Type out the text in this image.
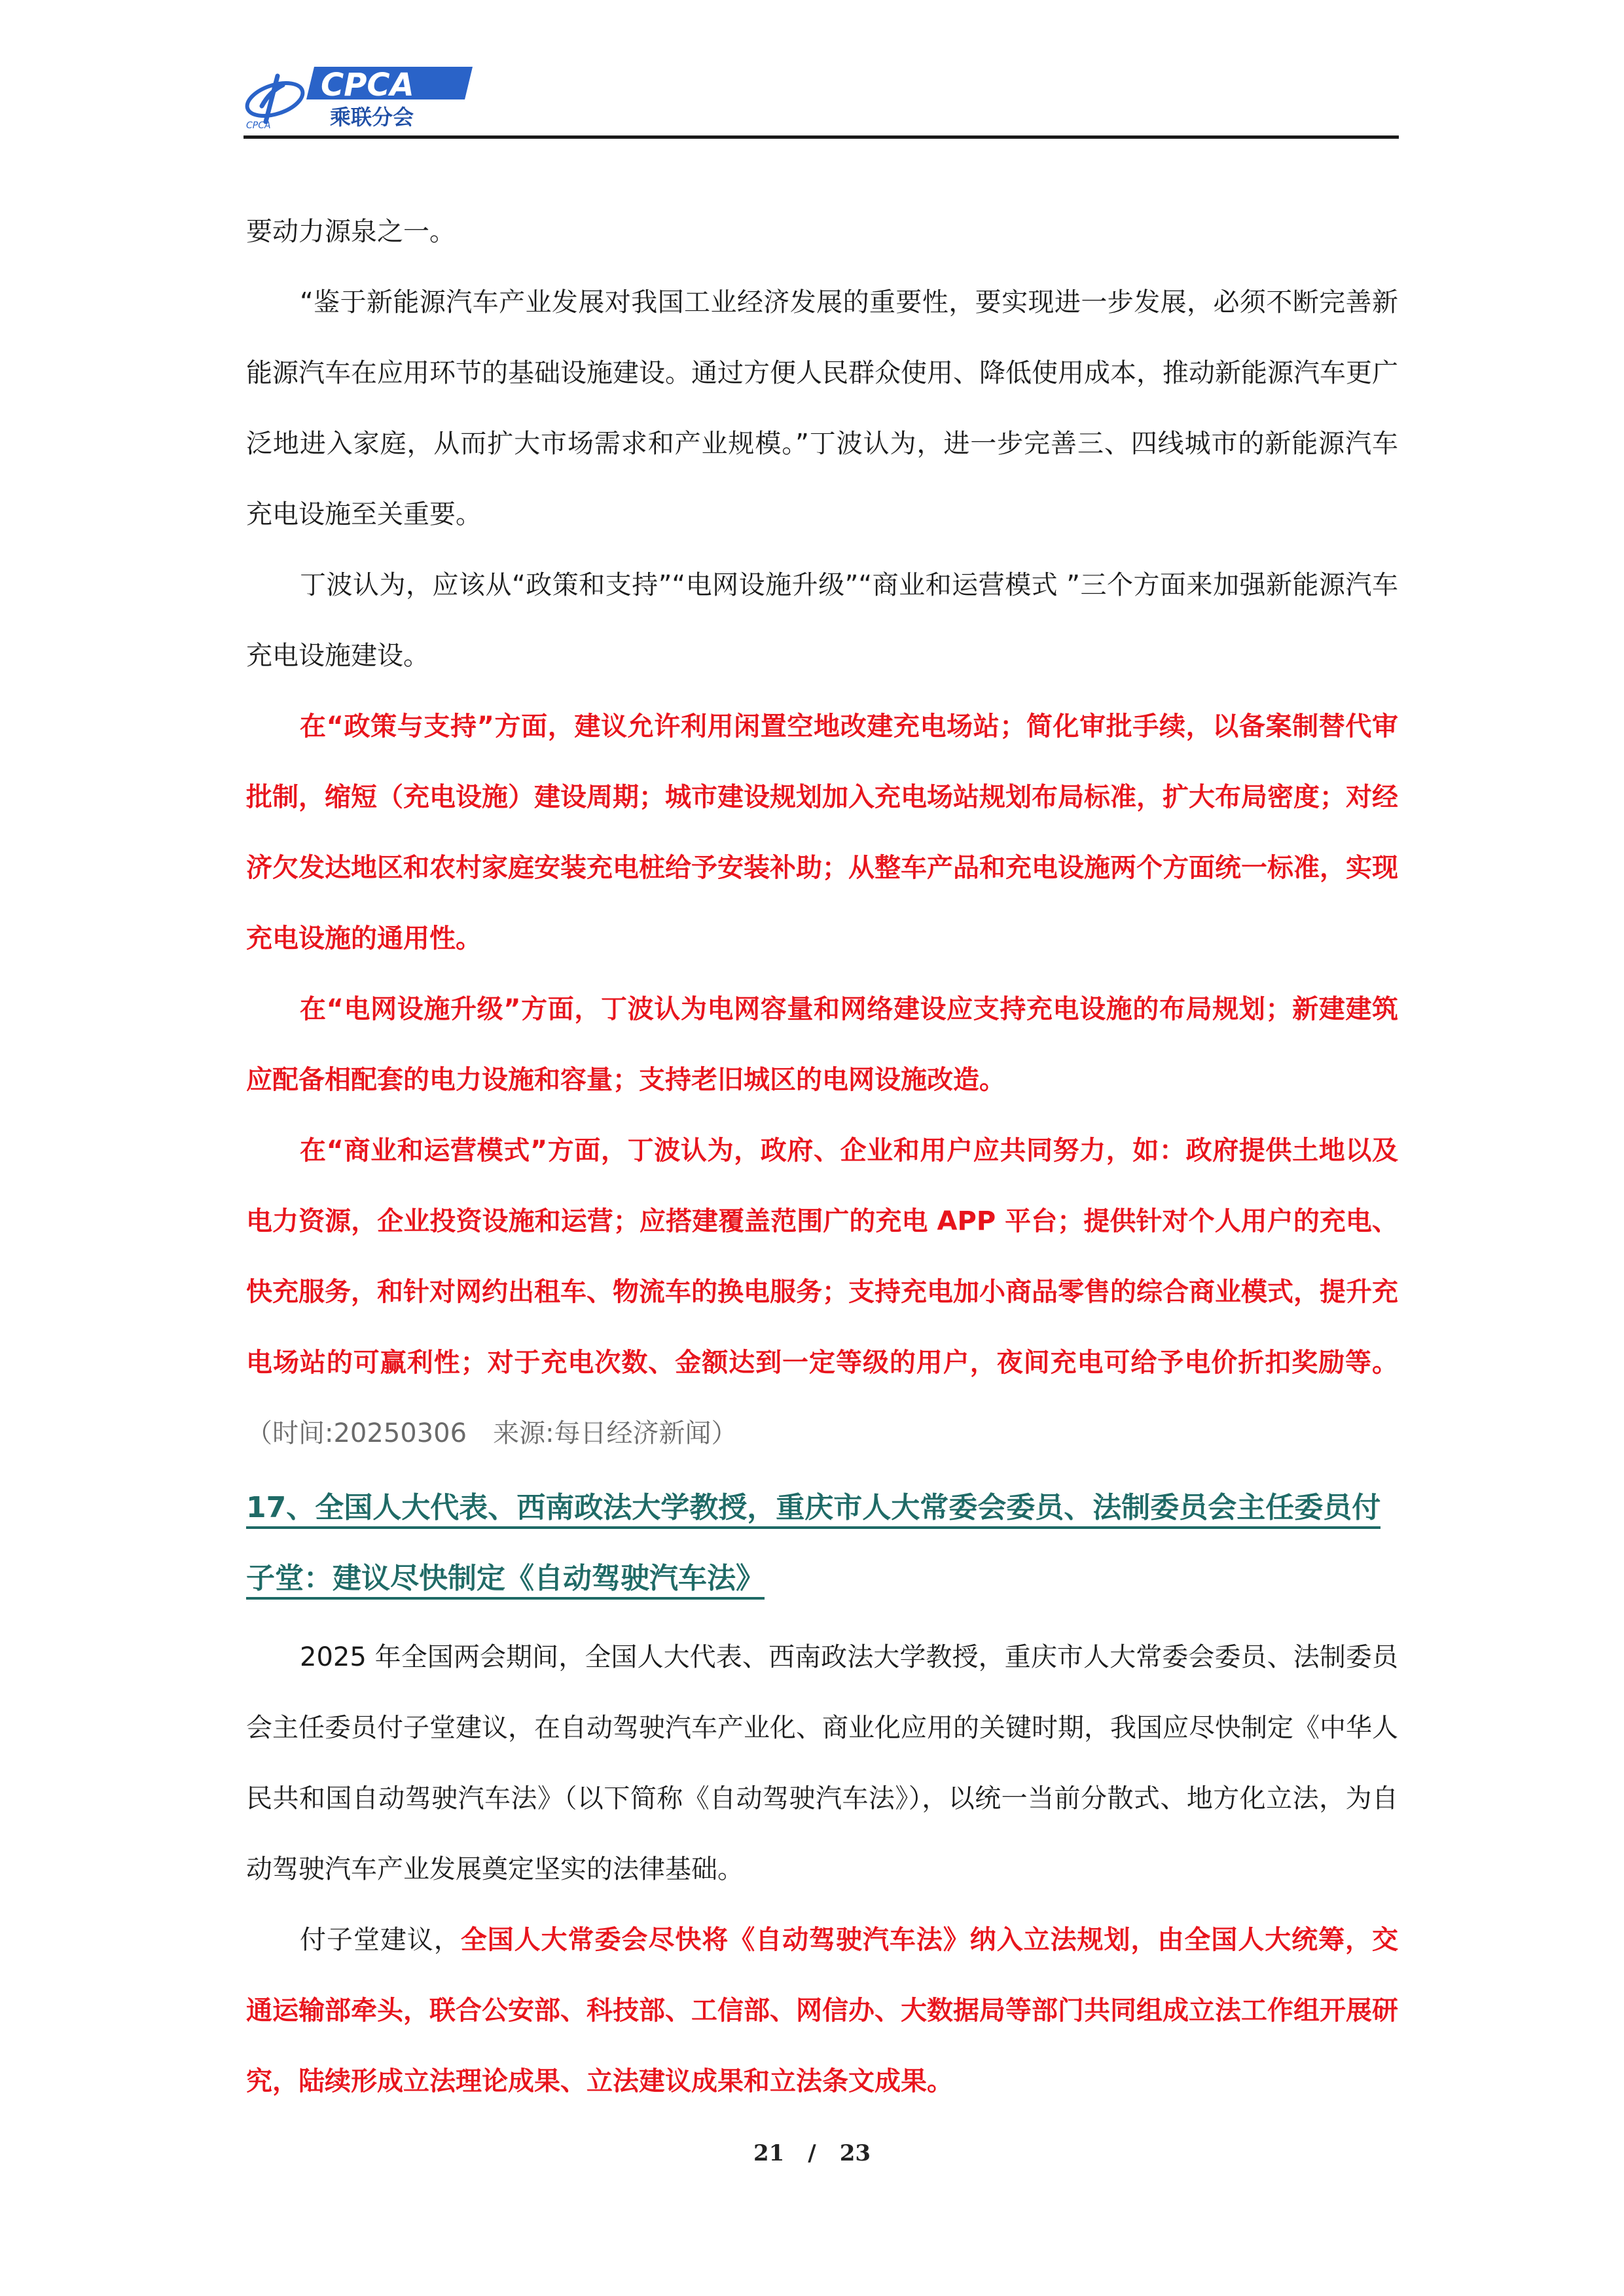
CPCA
CPCA
乘联分会

要动力源泉之一。

“鉴于新能源汽车产业发展对我国工业经济发展的重要性，要实现进一步发展，必须不断完善新能源汽车在应用环节的基础设施建设。通过方便人民群众使用、降低使用成本，推动新能源汽车更广泛地进入家庭，从而扩大市场需求和产业规模。”丁波认为，进一步完善三、四线城市的新能源汽车充电设施至关重要。

丁波认为，应该从“政策和支持”“电网设施升级”“商业和运营模式 ”三个方面来加强新能源汽车充电设施建设。

在“政策与支持”方面，建议允许利用闲置空地改建充电场站；简化审批手续，以备案制替代审批制，缩短（充电设施）建设周期；城市建设规划加入充电场站规划布局标准，扩大布局密度；对经济欠发达地区和农村家庭安装充电桩给予安装补助；从整车产品和充电设施两个方面统一标准，实现充电设施的通用性。

在“电网设施升级”方面，丁波认为电网容量和网络建设应支持充电设施的布局规划；新建建筑应配备相配套的电力设施和容量；支持老旧城区的电网设施改造。

在“商业和运营模式”方面，丁波认为，政府、企业和用户应共同努力，如：政府提供土地以及电力资源，企业投资设施和运营；应搭建覆盖范围广的充电 APP 平台；提供针对个人用户的充电、快充服务，和针对网约出租车、物流车的换电服务；支持充电加小商品零售的综合商业模式，提升充电场站的可赢利性；对于充电次数、金额达到一定等级的用户，夜间充电可给予电价折扣奖励等。（时间:20250306　来源:每日经济新闻）

17、全国人大代表、西南政法大学教授，重庆市人大常委会委员、法制委员会主任委员付子堂：建议尽快制定《自动驾驶汽车法》

2025 年全国两会期间，全国人大代表、西南政法大学教授，重庆市人大常委会委员、法制委员会主任委员付子堂建议，在自动驾驶汽车产业化、商业化应用的关键时期，我国应尽快制定《中华人民共和国自动驾驶汽车法》（以下简称《自动驾驶汽车法》），以统一当前分散式、地方化立法，为自动驾驶汽车产业发展奠定坚实的法律基础。

付子堂建议，全国人大常委会尽快将《自动驾驶汽车法》纳入立法规划，由全国人大统筹，交通运输部牵头，联合公安部、科技部、工信部、网信办、大数据局等部门共同组成立法工作组开展研究，陆续形成立法理论成果、立法建议成果和立法条文成果。

21 / 23
